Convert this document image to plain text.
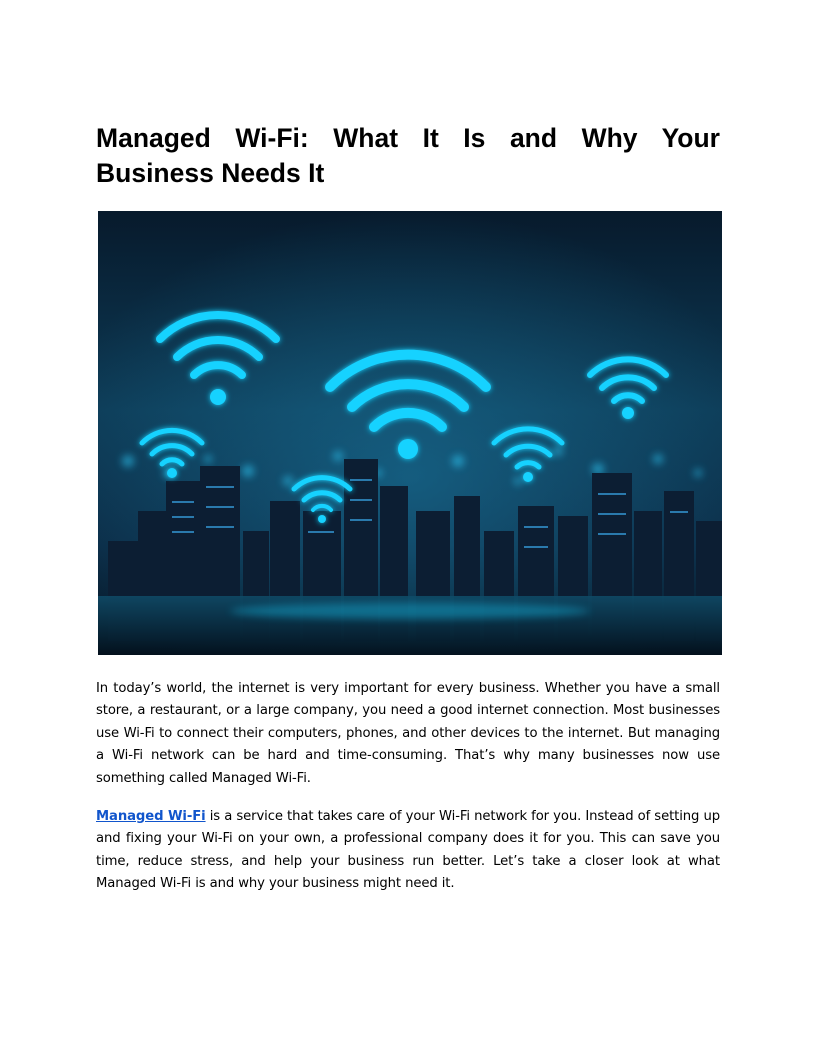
Managed Wi-Fi: What It Is and Why Your Business Needs It

In today’s world, the internet is very important for every business. Whether you have a small store, a restaurant, or a large company, you need a good internet connection. Most businesses use Wi-Fi to connect their computers, phones, and other devices to the internet. But managing a Wi-Fi network can be hard and time-consuming. That’s why many businesses now use something called Managed Wi-Fi.

Managed Wi-Fi is a service that takes care of your Wi-Fi network for you. Instead of setting up and fixing your Wi-Fi on your own, a professional company does it for you. This can save you time, reduce stress, and help your business run better. Let’s take a closer look at what Managed Wi-Fi is and why your business might need it.
